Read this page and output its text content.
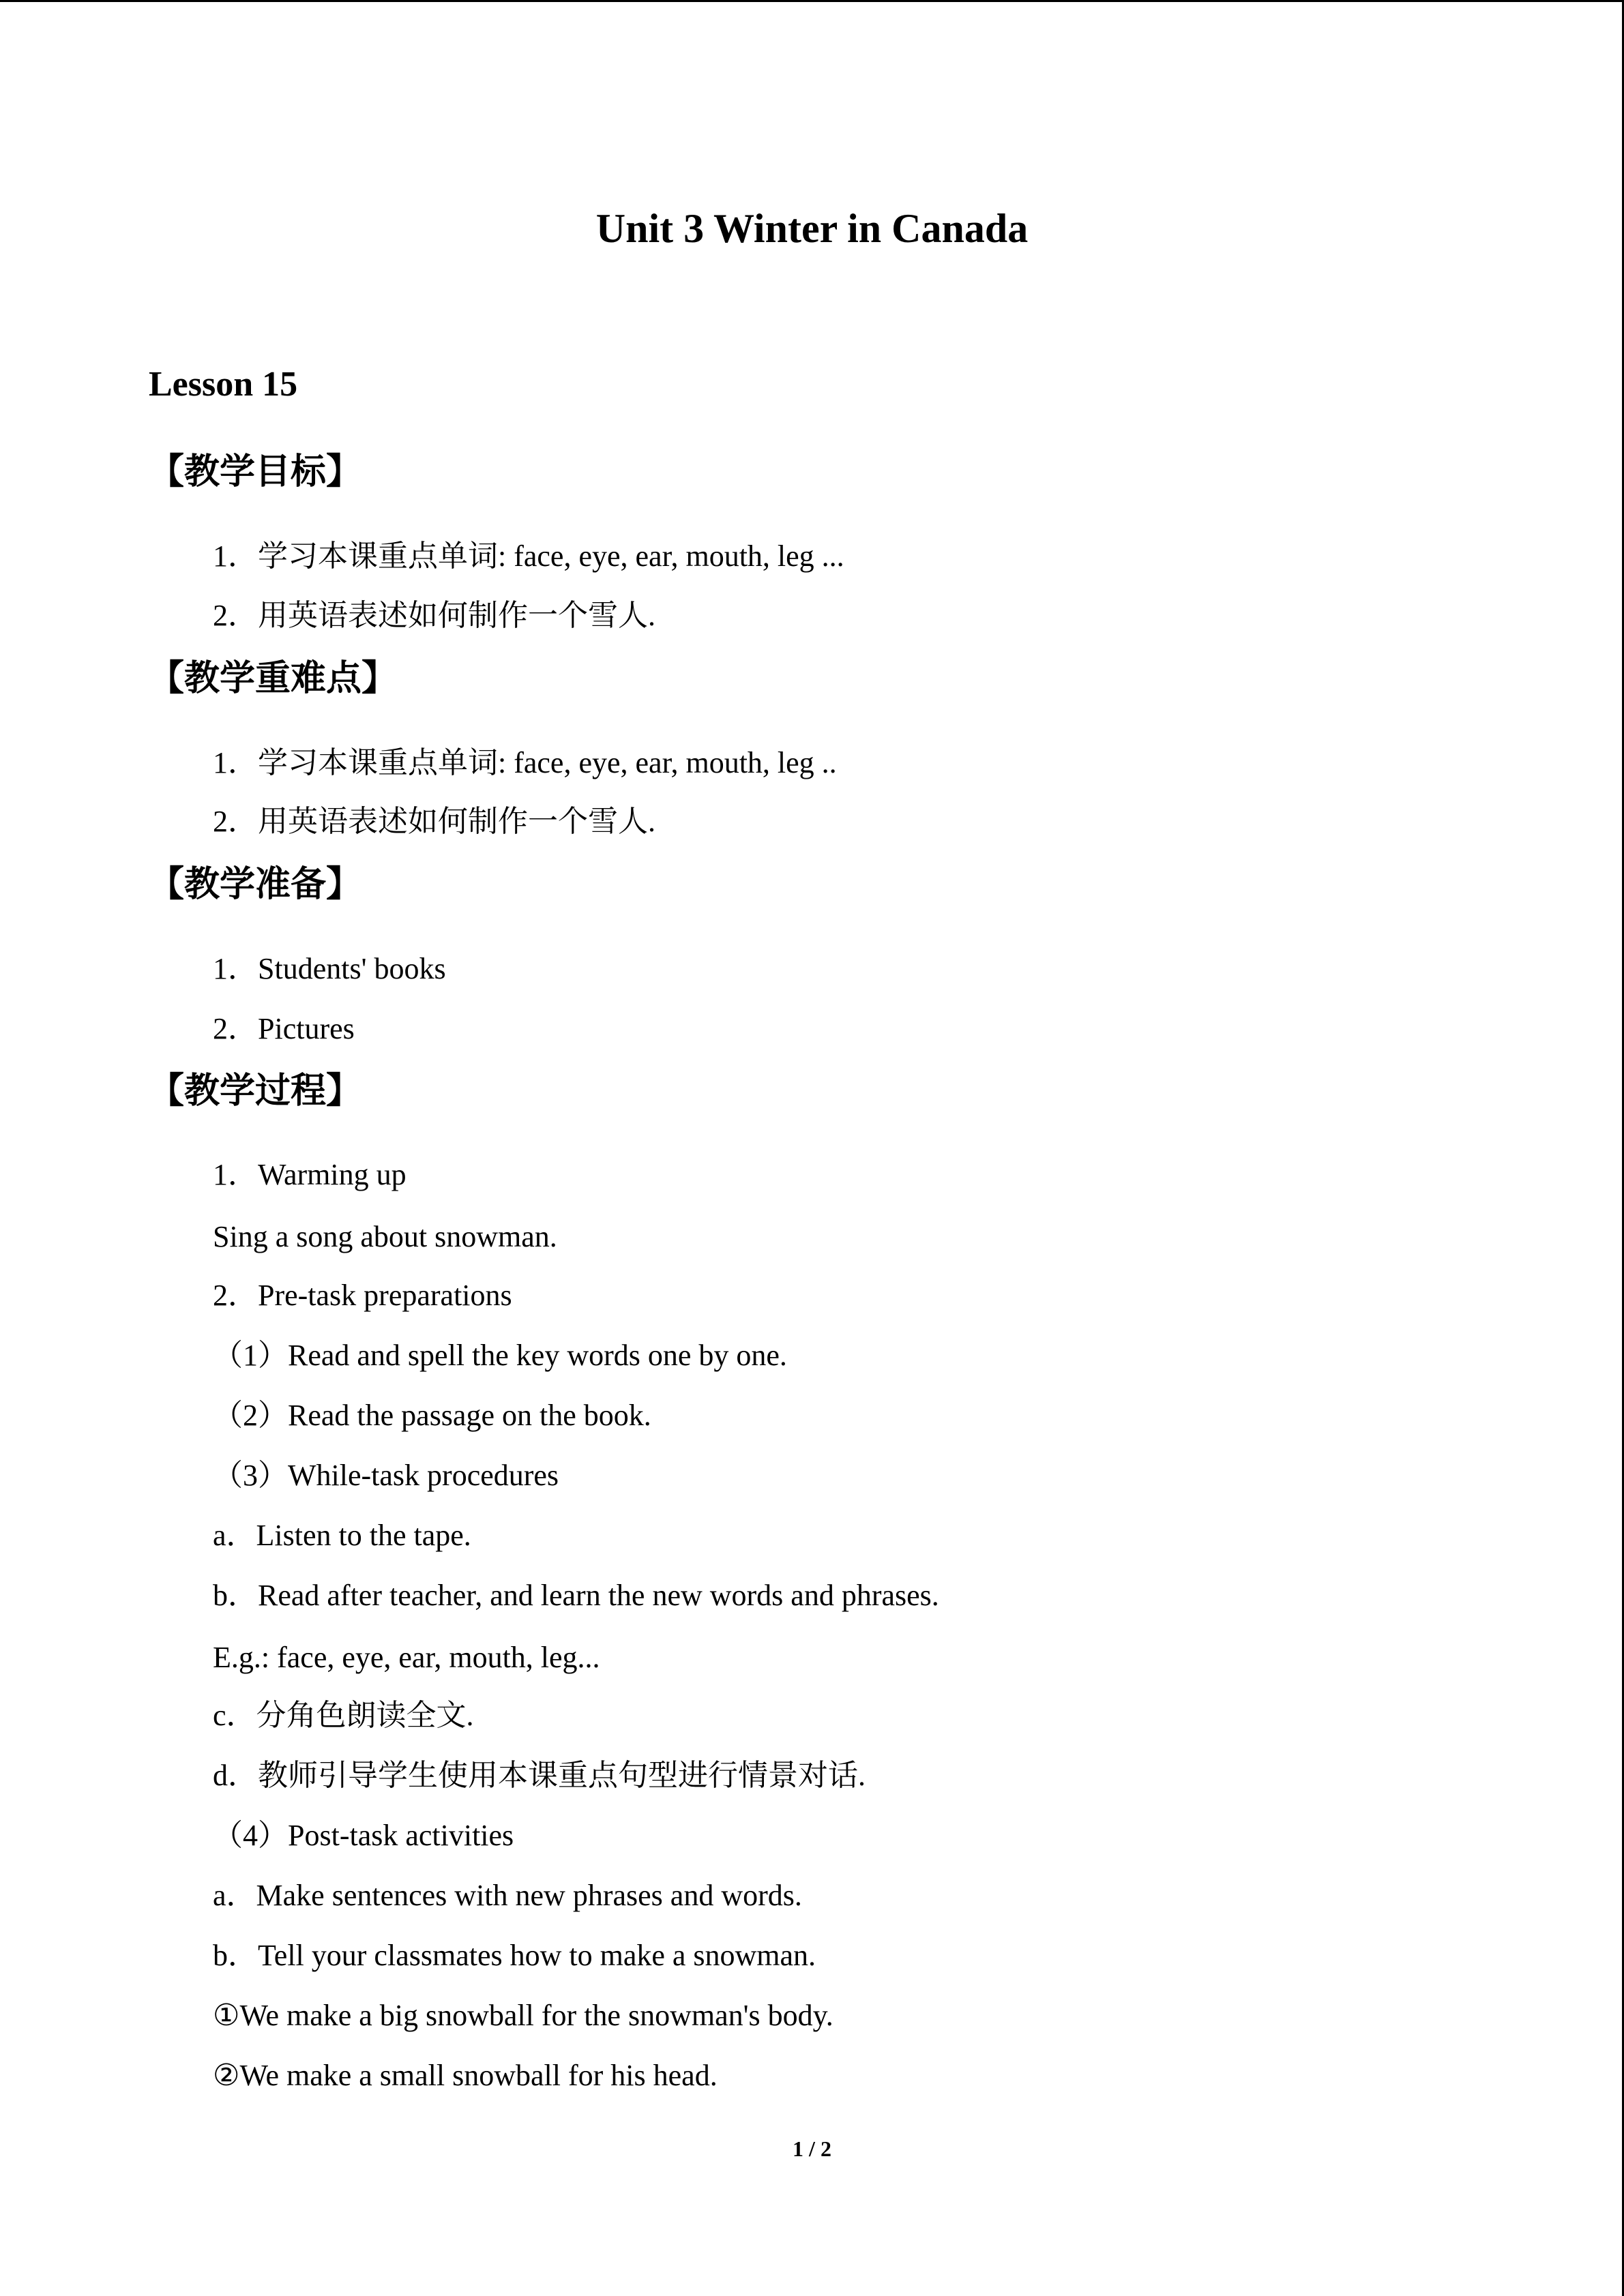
Unit 3 Winter in Canada
Lesson 15
【教学目标】
1．学习本课重点单词: face, eye, ear, mouth, leg ...
2．用英语表述如何制作一个雪人.
【教学重难点】
1．学习本课重点单词: face, eye, ear, mouth, leg ..
2．用英语表述如何制作一个雪人.
【教学准备】
1．Students' books
2．Pictures
【教学过程】
1．Warming up
Sing a song about snowman.
2．Pre-task preparations
（1）Read and spell the key words one by one.
（2）Read the passage on the book.
（3）While-task procedures
a．Listen to the tape.
b．Read after teacher, and learn the new words and phrases.
E.g.: face, eye, ear, mouth, leg...
c．分角色朗读全文.
d．教师引导学生使用本课重点句型进行情景对话.
（4）Post-task activities
a．Make sentences with new phrases and words.
b．Tell your classmates how to make a snowman.
①We make a big snowball for the snowman's body.
②We make a small snowball for his head.
1 / 2
